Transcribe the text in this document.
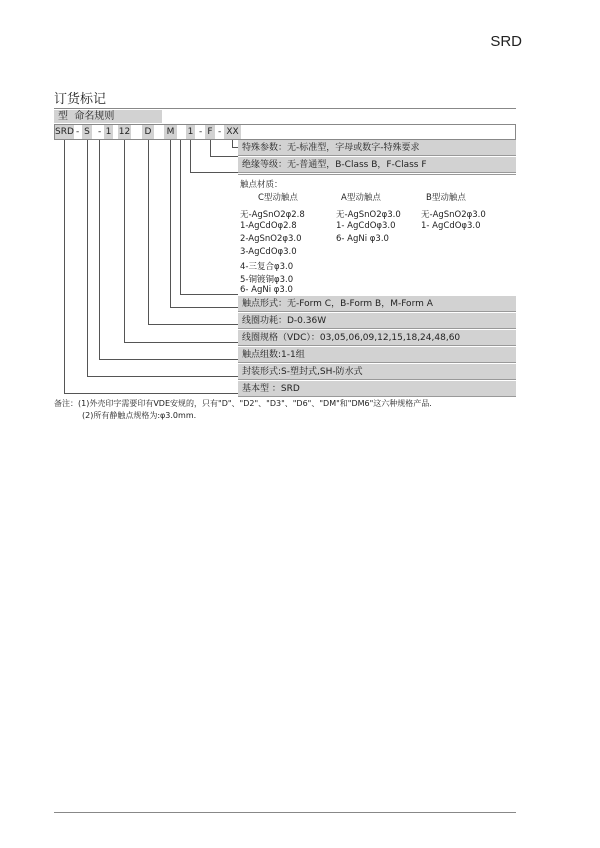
SRD
订货标记
型  命名规则
SRD - S - 1 12 D M 1 - F - XX
特殊参数：无-标准型，字母或数字-特殊要求
绝缘等级：无-普通型，B-Class B，F-Class F
触点材质：
C型动触点	A型动触点	B型动触点
无-AgSnO2φ2.8
1-AgCdOφ2.8
2-AgSnO2φ3.0
3-AgCdOφ3.0
4-三复合φ3.0
5-铜镀铜φ3.0
6- AgNi φ3.0
无-AgSnO2φ3.0
1- AgCdOφ3.0
6- AgNi φ3.0
无-AgSnO2φ3.0
1- AgCdOφ3.0
触点形式：无-Form C，B-Form B，M-Form A
线圈功耗：D-0.36W
线圈规格（VDC）：03,05,06,09,12,15,18,24,48,60
触点组数:1-1组
封装形式:S-塑封式,SH-防水式
基本型 ：SRD
备注：(1)外壳印字需要印有VDE安规的，只有"D"、"D2"、"D3"、"D6"、"DM"和"DM6"这六种规格产品.
(2)所有静触点规格为:φ3.0mm.
